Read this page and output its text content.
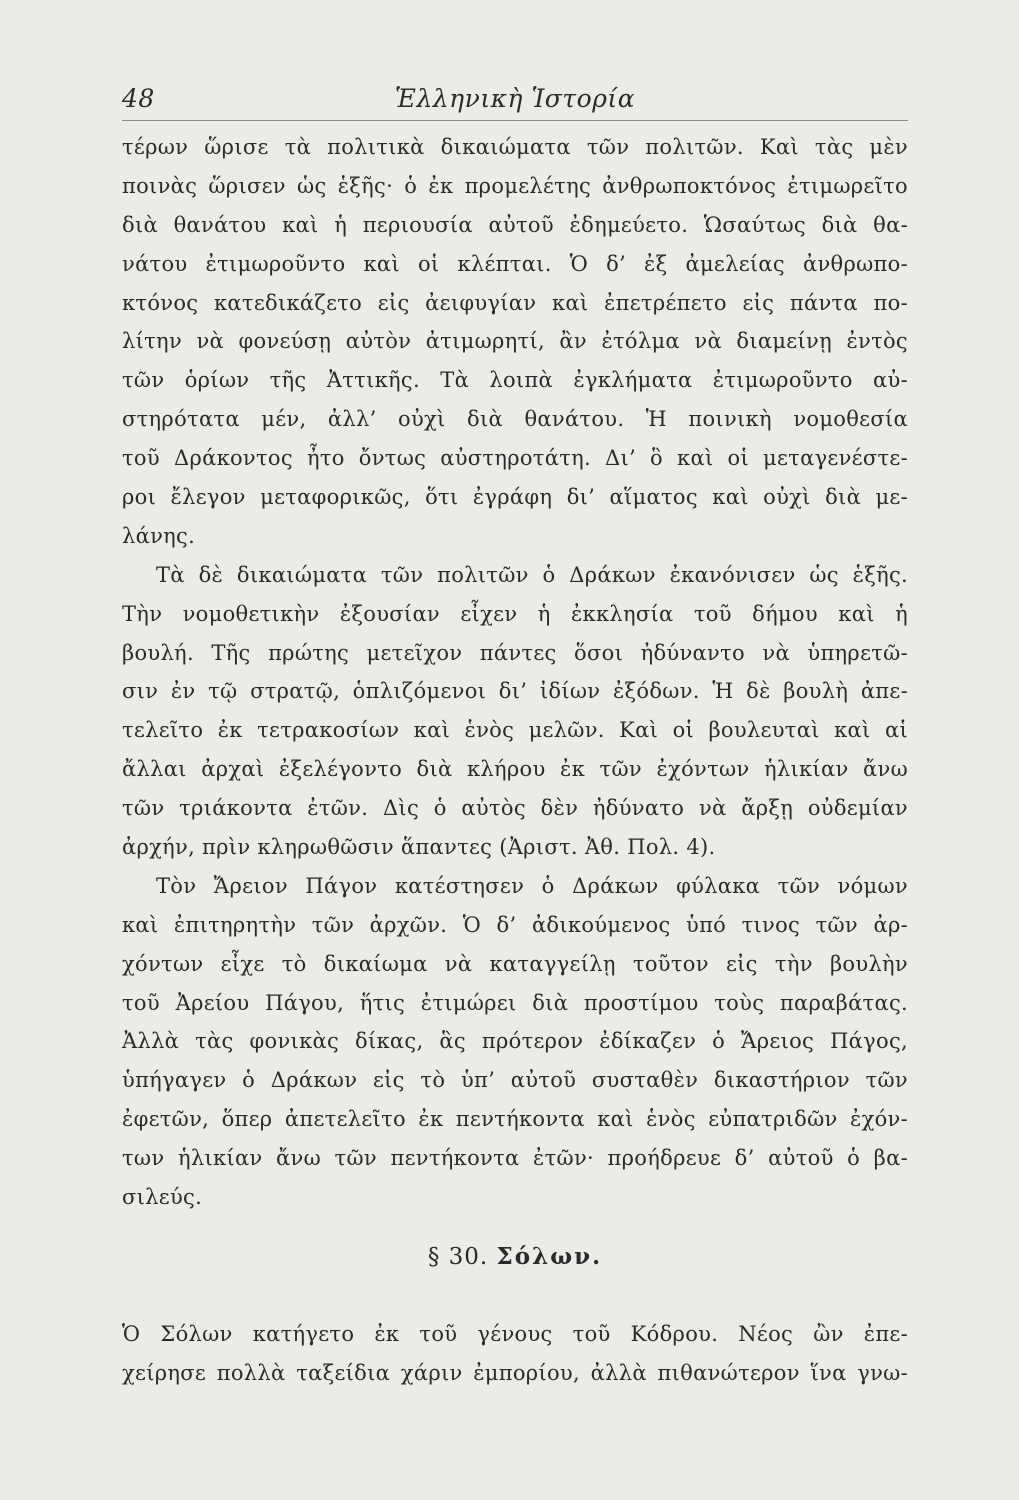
48	Ἑλληνικὴ Ἱστορία
τέρων ὥρισε τὰ πολιτικὰ δικαιώματα τῶν πολιτῶν. Καὶ τὰς μὲν
ποινὰς ὥρισεν ὡς ἑξῆς· ὁ ἐκ προμελέτης ἀνθρωποκτόνος ἐτιμωρεῖτο
διὰ θανάτου καὶ ἡ περιουσία αὐτοῦ ἐδημεύετο. Ὡσαύτως διὰ θα-
νάτου ἐτιμωροῦντο καὶ οἱ κλέπται. Ὁ δ’ ἐξ ἀμελείας ἀνθρωπο-
κτόνος κατεδικάζετο εἰς ἀειφυγίαν καὶ ἐπετρέπετο εἰς πάντα πο-
λίτην νὰ φονεύσῃ αὐτὸν ἀτιμωρητί, ἂν ἐτόλμα νὰ διαμείνῃ ἐντὸς
τῶν ὁρίων τῆς Ἀττικῆς. Τὰ λοιπὰ ἐγκλήματα ἐτιμωροῦντο αὐ-
στηρότατα μέν, ἀλλ’ οὐχὶ διὰ θανάτου. Ἡ ποινικὴ νομοθεσία
τοῦ Δράκοντος ἦτο ὄντως αὐστηροτάτη. Δι’ ὃ καὶ οἱ μεταγενέστε-
ροι ἔλεγον μεταφορικῶς, ὅτι ἐγράφη δι’ αἵματος καὶ οὐχὶ διὰ με-
λάνης.
Τὰ δὲ δικαιώματα τῶν πολιτῶν ὁ Δράκων ἐκανόνισεν ὡς ἑξῆς.
Τὴν νομοθετικὴν ἐξουσίαν εἶχεν ἡ ἐκκλησία τοῦ δήμου καὶ ἡ
βουλή. Τῆς πρώτης μετεῖχον πάντες ὅσοι ἠδύναντο νὰ ὑπηρετῶ-
σιν ἐν τῷ στρατῷ, ὁπλιζόμενοι δι’ ἰδίων ἐξόδων. Ἡ δὲ βουλὴ ἀπε-
τελεῖτο ἐκ τετρακοσίων καὶ ἑνὸς μελῶν. Καὶ οἱ βουλευταὶ καὶ αἱ
ἄλλαι ἀρχαὶ ἐξελέγοντο διὰ κλήρου ἐκ τῶν ἐχόντων ἡλικίαν ἄνω
τῶν τριάκοντα ἐτῶν. Δὶς ὁ αὐτὸς δὲν ἠδύνατο νὰ ἄρξῃ οὐδεμίαν
ἀρχήν, πρὶν κληρωθῶσιν ἅπαντες (Ἀριστ. Ἀθ. Πολ. 4).
Τὸν Ἄρειον Πάγον κατέστησεν ὁ Δράκων φύλακα τῶν νόμων
καὶ ἐπιτηρητὴν τῶν ἀρχῶν. Ὁ δ’ ἀδικούμενος ὑπό τινος τῶν ἀρ-
χόντων εἶχε τὸ δικαίωμα νὰ καταγγείλῃ τοῦτον εἰς τὴν βουλὴν
τοῦ Ἀρείου Πάγου, ἥτις ἐτιμώρει διὰ προστίμου τοὺς παραβάτας.
Ἀλλὰ τὰς φονικὰς δίκας, ἃς πρότερον ἐδίκαζεν ὁ Ἄρειος Πάγος,
ὑπήγαγεν ὁ Δράκων εἰς τὸ ὑπ’ αὐτοῦ συσταθὲν δικαστήριον τῶν
ἐφετῶν, ὅπερ ἀπετελεῖτο ἐκ πεντήκοντα καὶ ἑνὸς εὐπατριδῶν ἐχόν-
των ἡλικίαν ἄνω τῶν πεντήκοντα ἐτῶν· προήδρευε δ’ αὐτοῦ ὁ βα-
σιλεύς.
§ 30. Σόλων.
Ὁ Σόλων κατήγετο ἐκ τοῦ γένους τοῦ Κόδρου. Νέος ὢν ἐπε-
χείρησε πολλὰ ταξείδια χάριν ἐμπορίου, ἀλλὰ πιθανώτερον ἵνα γνω-
